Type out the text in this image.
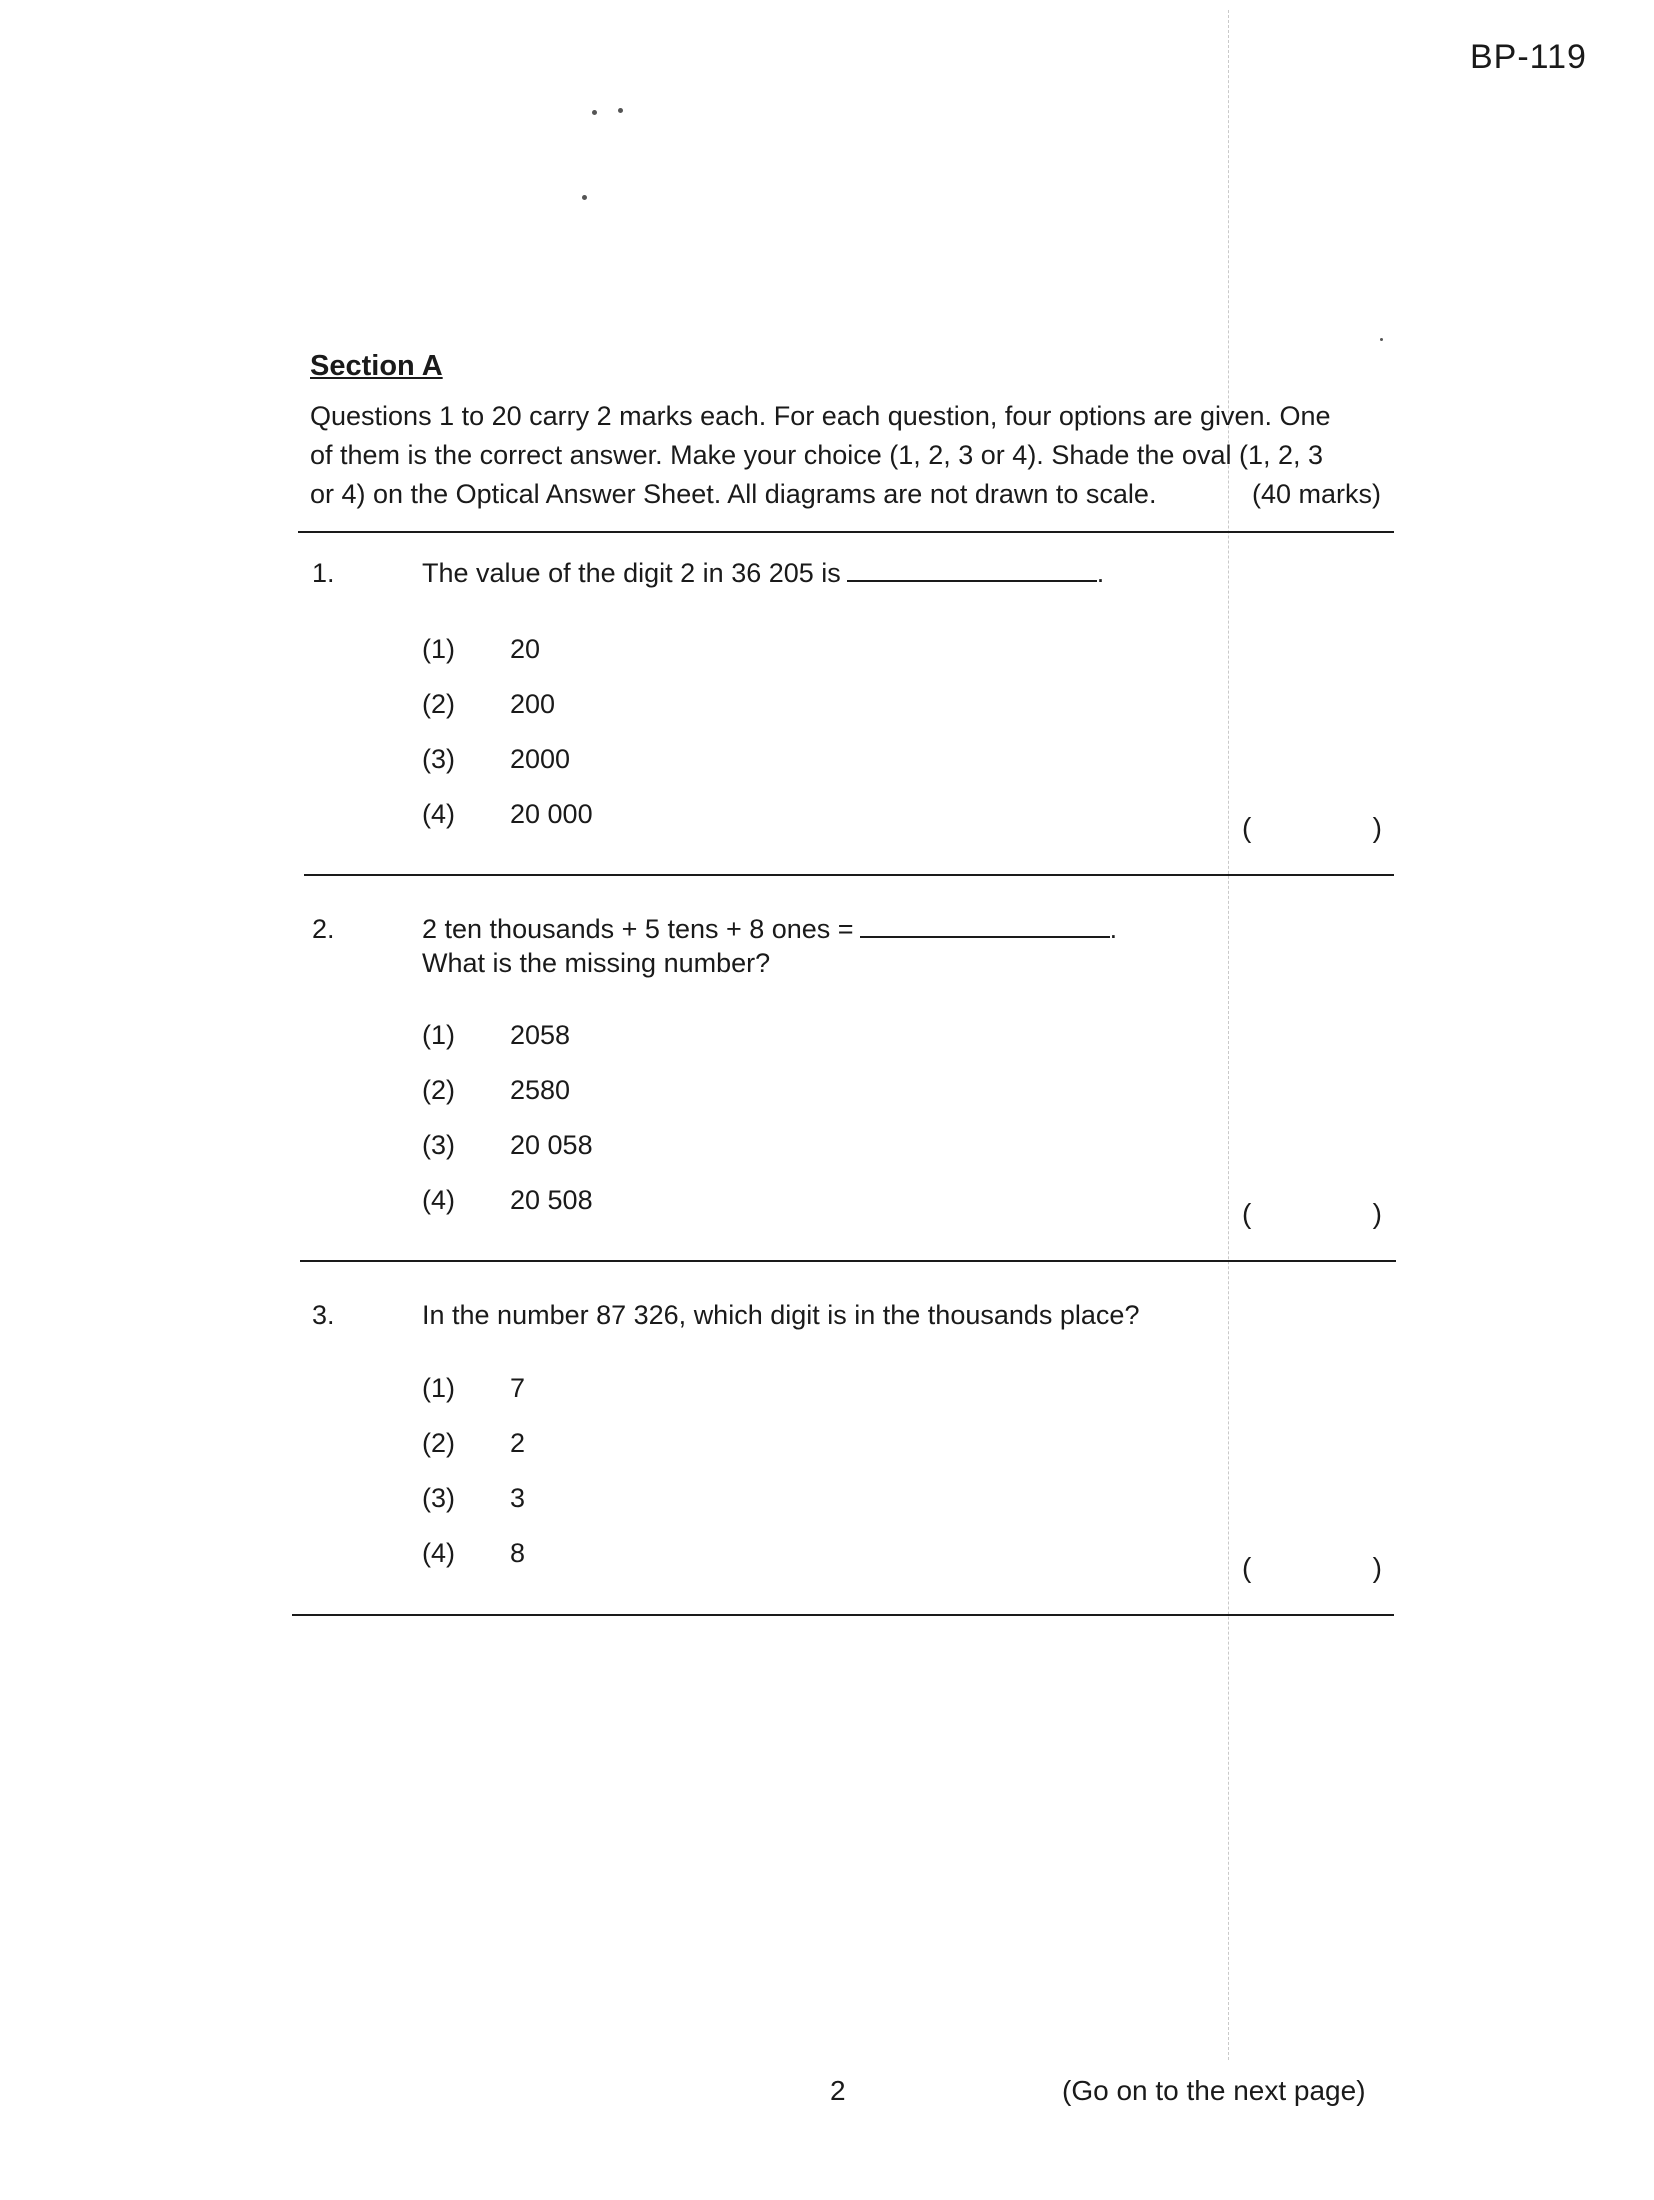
BP-119
Section A
Questions 1 to 20 carry 2 marks each. For each question, four options are given. One
of them is the correct answer. Make your choice (1, 2, 3 or 4). Shade the oval (1, 2, 3
or 4) on the Optical Answer Sheet. All diagrams are not drawn to scale.	(40 marks)
1.	The value of the digit 2 in 36 205 is	.
(1) 20
(2) 200
(3) 2000
(4) 20 000	(	)
2.	2 ten thousands + 5 tens + 8 ones =	.
What is the missing number?
(1) 2058
(2) 2580
(3) 20 058
(4) 20 508	(	)
3.	In the number 87 326, which digit is in the thousands place?
(1) 7
(2) 2
(3) 3
(4) 8	(	)
2	(Go on to the next page)
